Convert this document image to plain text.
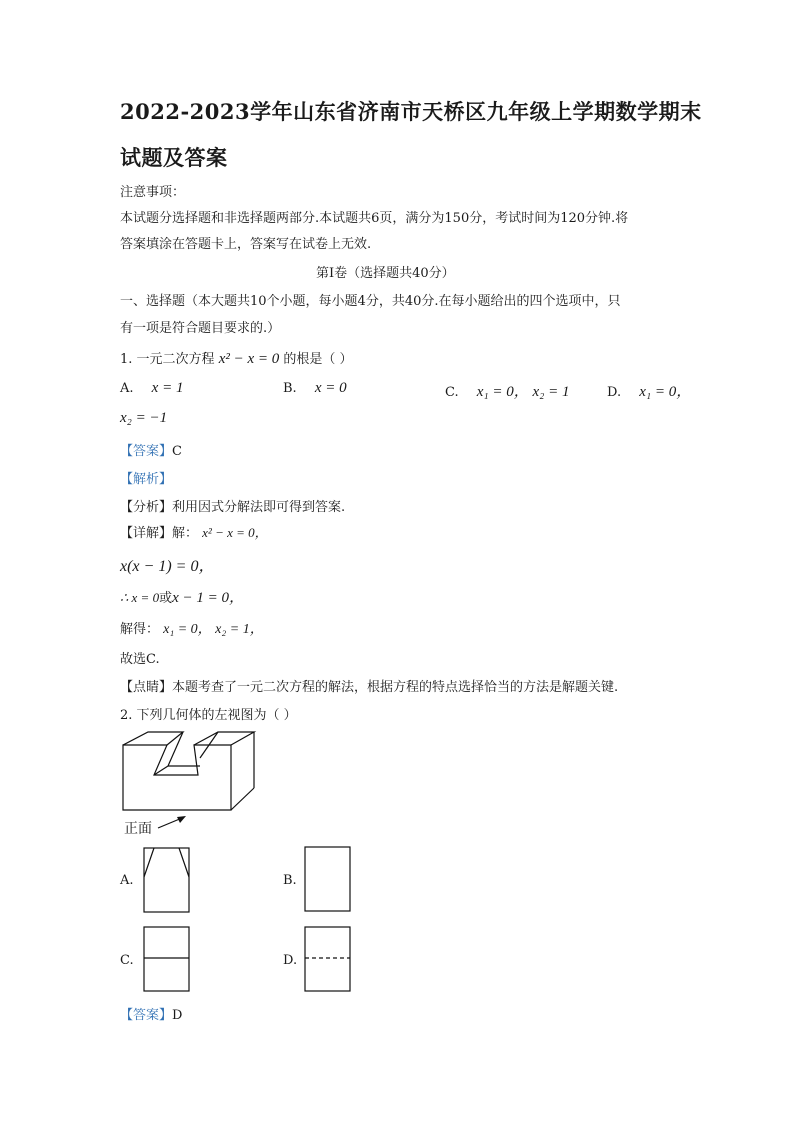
2022-2023学年山东省济南市天桥区九年级上学期数学期末
试题及答案
注意事项：
本试题分选择题和非选择题两部分.本试题共6页，满分为150分，考试时间为120分钟.将
答案填涂在答题卡上，答案写在试卷上无效.
第Ⅰ卷（选择题共40分）
一、选择题（本大题共10个小题，每小题4分，共40分.在每小题给出的四个选项中，只
有一项是符合题目要求的.）
1. 一元二次方程 x² − x = 0 的根是（ ）
A. x = 1	B. x = 0	C. x₁ = 0， x₂ = 1	D. x₁ = 0，
x₂ = −1
【答案】C
【解析】
【分析】利用因式分解法即可得到答案.
【详解】解： x² − x = 0，
x(x − 1) = 0，
∴ x = 0或x − 1 = 0，
解得： x₁ = 0， x₂ = 1，
故选C.
【点睛】本题考查了一元二次方程的解法，根据方程的特点选择恰当的方法是解题关键.
2. 下列几何体的左视图为（ ）
正面
A.	B.
C.	D.
【答案】D
